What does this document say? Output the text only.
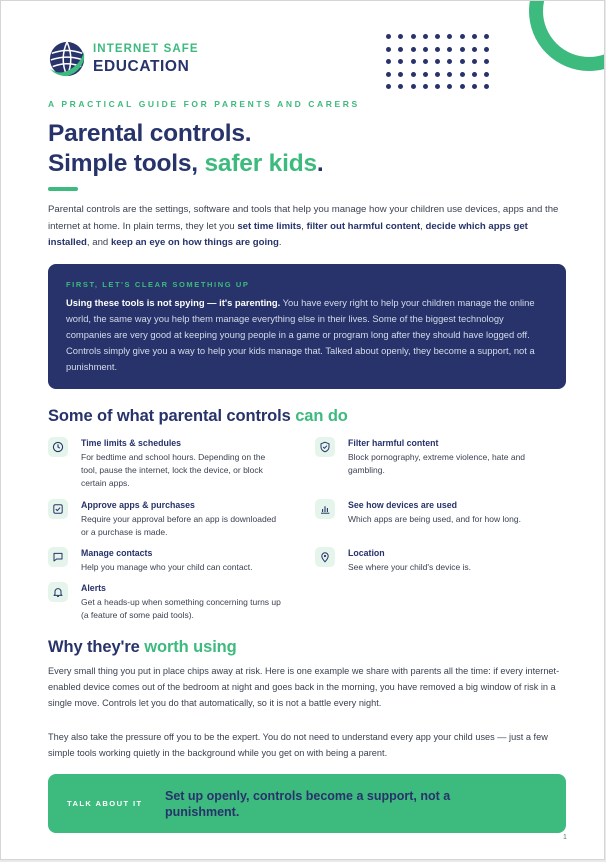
INTERNET SAFE
EDUCATION
A PRACTICAL GUIDE FOR PARENTS AND CARERS
Parental controls.
Simple tools, safer kids.

Parental controls are the settings, software and tools that help you manage how your children use devices, apps and the internet at home. In plain terms, they let you set time limits, filter out harmful content, decide which apps get installed, and keep an eye on how things are going.

FIRST, LET'S CLEAR SOMETHING UP

Using these tools is not spying — it's parenting. You have every right to help your children manage the online world, the same way you help them manage everything else in their lives. Some of the biggest technology companies are very good at keeping young people in a game or program long after they should have logged off. Controls simply give you a way to help your kids manage that. Talked about openly, they become a support, not a punishment.

Some of what parental controls can do
Time limits & schedules
For bedtime and school hours. Depending on the tool, pause the internet, lock the device, or block certain apps.
Filter harmful content
Block pornography, extreme violence, hate and gambling.
Approve apps & purchases
Require your approval before an app is downloaded or a purchase is made.
See how devices are used
Which apps are being used, and for how long.
Manage contacts
Help you manage who your child can contact.
Location
See where your child's device is.
Alerts
Get a heads-up when something concerning turns up (a feature of some paid tools).
Why they're worth using

Every small thing you put in place chips away at risk. Here is one example we share with parents all the time: if every internet-enabled device comes out of the bedroom at night and goes back in the morning, you have removed a big window of risk in a single move. Controls let you do that automatically, so it is not a battle every night.

They also take the pressure off you to be the expert. You do not need to understand every app your child uses — just a few simple tools working quietly in the background while you get on with being a parent.

TALK ABOUT IT
Set up openly, controls become a support, not a punishment.
1
